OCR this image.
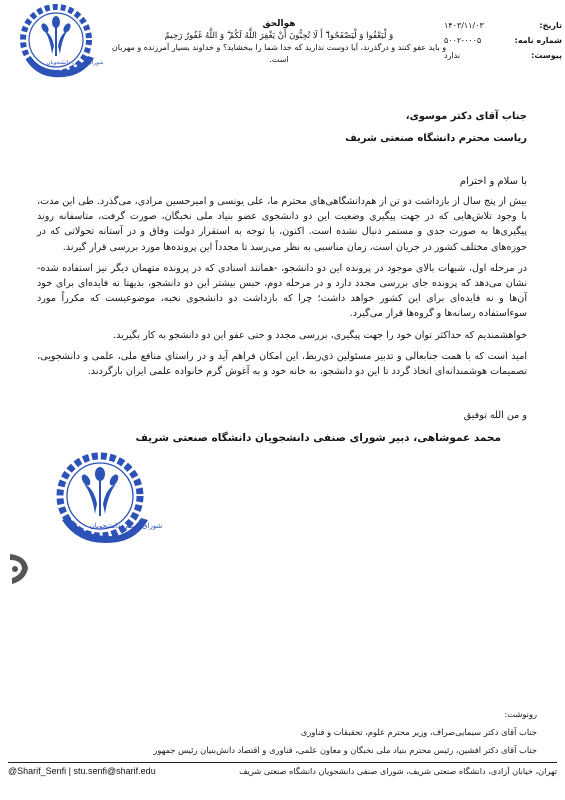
شورای صنفی دانشجویان
هوالحق
وَ لْيَعْفُوا وَ لْيَصْفَحُوا ۗ أَ لَا تُحِبُّونَ أَنْ يَغْفِرَ اللَّهُ لَكُمْ ۗ وَ اللَّهُ غَفُورٌ رَحِيمٌ
و باید عفو کنند و درگذرند، آیا دوست ندارید که خدا شما را ببخشاید؟ و خداوند بسیار آمرزنده و مهربان است.
تاریخ:
۱۴۰۳/۱۱/۰۳
شماره نامه:
۵۰۰۲-۰۰۰۵
پیوست:
ندارد
جناب آقای دکتر موسوی،
ریاست محترم دانشگاه صنعتی شریف
با سلام و احترام

بیش از پنج سال از بازداشت دو تن از هم‌دانشگاهی‌های محترم ما، علی یونسی و امیرحسین مرادی، می‌گذرد. طی این مدت، با وجود تلاش‌هایی که در جهت پیگیری وضعیت این دو دانشجوی عضو بنیاد ملی نخبگان، صورت گرفت، متاسفانه روند پیگیری‌ها به صورت جدی و مستمر دنبال نشده است. اکنون، با توجه به استقرار دولت وفاق و در آستانه تحولاتی که در حوزه‌های مختلف کشور در جریان است، زمان مناسبی به نظر می‌رسد تا مجدداً این پرونده‌ها مورد بررسی قرار گیرند.

در مرحله اول، شبهات بالای موجود در پرونده این دو دانشجو، -همانند اسنادی که در پرونده متهمان دیگر نیز استفاده شده- نشان می‌دهد که پرونده جای بررسی مجدد دارد و در مرحله دوم، حبس بیشتر این دو دانشجو، بدیهتا نه فایده‌ای برای خود آن‌ها و نه فایده‌ای برای این کشور خواهد داشت؛ چرا که بازداشت دو دانشجوی نخبه، موضوعیست که مکرراً مورد سوءاستفاده رسانه‌ها و گروه‌ها قرار می‌گیرد.

خواهشمندیم که حداکثر توان خود را جهت پیگیری، بررسی مجدد و حتی عفو این دو دانشجو به کار بگیرید.

امید است که با همت جنابعالی و تدبیر مسئولین ذی‌ربط، این امکان فراهم آید و در راستای منافع ملی، علمی و دانشجویی، تصمیمات هوشمندانه‌ای اتخاذ گردد تا این دو دانشجو، به خانه خود و به آغوش گرم خانواده علمی ایران بازگردند.

و من الله توفیق
محمد عموشاهی، دبیر شورای صنفی دانشجویان دانشگاه صنعتی شریف
شورای صنفی دانشجویان
رونوشت:
جناب آقای دکتر سیمایی‌صراف، وزیر محترم علوم، تحقیقات و فناوری
جناب آقای دکتر افشین، رئیس محترم بنیاد ملی نخبگان و معاون علمی، فناوری و اقتصاد دانش‌بنیان رئیس جمهور
تهران، خیابان آزادی، دانشگاه صنعتی شریف، شورای صنفی دانشجویان دانشگاه صنعتی شریف
@Sharif_Senfi | stu.senfi@sharif.edu
